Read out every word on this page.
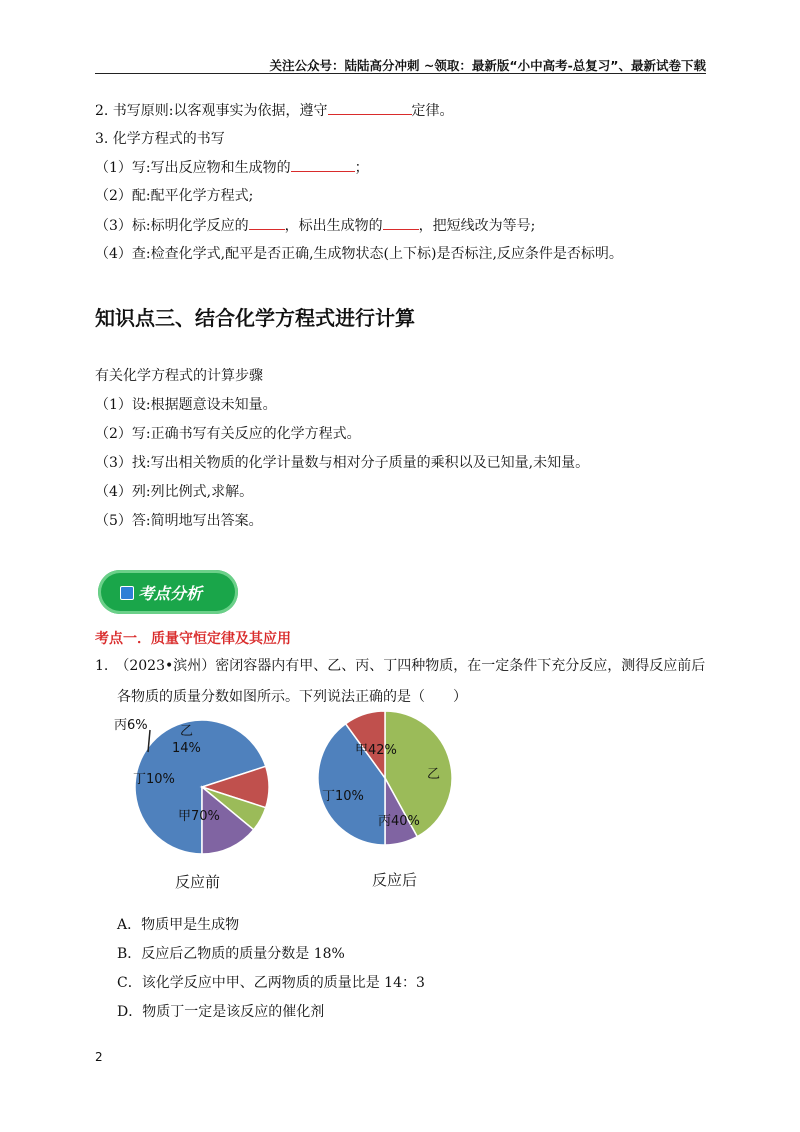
关注公众号：陆陆高分冲刺 ~领取：最新版“小中高考-总复习”、最新试卷下载
2. 书写原则:以客观事实为依据，遵守	定律。
3. 化学方程式的书写
（1）写:写出反应物和生成物的	；
（2）配:配平化学方程式;
（3）标:标明化学反应的	，标出生成物的	，把短线改为等号;
（4）查:检查化学式,配平是否正确,生成物状态(上下标)是否标注,反应条件是否标明。
知识点三、结合化学方程式进行计算
有关化学方程式的计算步骤
（1）设:根据题意设未知量。
（2）写:正确书写有关反应的化学方程式。
（3）找:写出相关物质的化学计量数与相对分子质量的乘积以及已知量,未知量。
（4）列:列比例式,求解。
（5）答:简明地写出答案。
考点分析
考点一．质量守恒定律及其应用
1.　（2023•滨州）密闭容器内有甲、乙、丙、丁四种物质，在一定条件下充分反应，测得反应前后
各物质的质量分数如图所示。下列说法正确的是（　　）
甲70%
丁10%
丙6% 乙
14%
反应前
甲42%
乙
丙40%
丁10%
反应后
A．物质甲是生成物
B．反应后乙物质的质量分数是 18%
C．该化学反应中甲、乙两物质的质量比是 14：3
D．物质丁一定是该反应的催化剂
2
